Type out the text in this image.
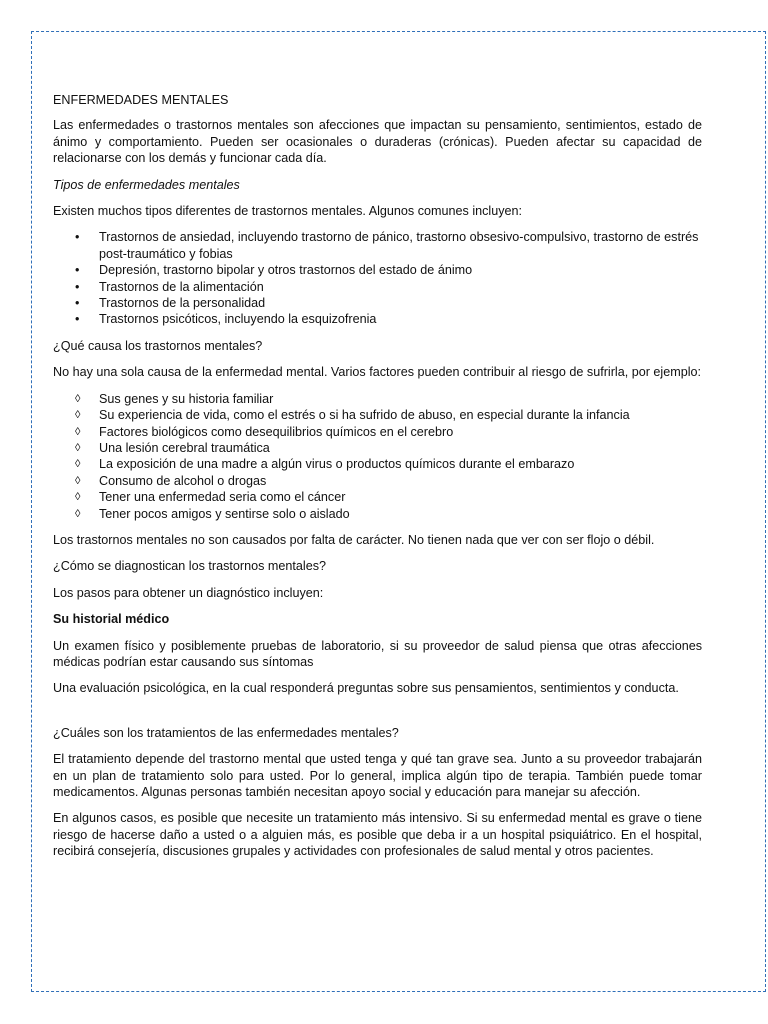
ENFERMEDADES MENTALES

Las enfermedades o trastornos mentales son afecciones que impactan su pensamiento, sentimientos, estado de ánimo y comportamiento. Pueden ser ocasionales o duraderas (crónicas). Pueden afectar su capacidad de relacionarse con los demás y funcionar cada día.

Tipos de enfermedades mentales

Existen muchos tipos diferentes de trastornos mentales. Algunos comunes incluyen:

• Trastornos de ansiedad, incluyendo trastorno de pánico, trastorno obsesivo-compulsivo, trastorno de estrés post-traumático y fobias
• Depresión, trastorno bipolar y otros trastornos del estado de ánimo
• Trastornos de la alimentación
• Trastornos de la personalidad
• Trastornos psicóticos, incluyendo la esquizofrenia

¿Qué causa los trastornos mentales?

No hay una sola causa de la enfermedad mental. Varios factores pueden contribuir al riesgo de sufrirla, por ejemplo:

◊ Sus genes y su historia familiar
◊ Su experiencia de vida, como el estrés o si ha sufrido de abuso, en especial durante la infancia
◊ Factores biológicos como desequilibrios químicos en el cerebro
◊ Una lesión cerebral traumática
◊ La exposición de una madre a algún virus o productos químicos durante el embarazo
◊ Consumo de alcohol o drogas
◊ Tener una enfermedad seria como el cáncer
◊ Tener pocos amigos y sentirse solo o aislado

Los trastornos mentales no son causados por falta de carácter. No tienen nada que ver con ser flojo o débil.

¿Cómo se diagnostican los trastornos mentales?

Los pasos para obtener un diagnóstico incluyen:

Su historial médico

Un examen físico y posiblemente pruebas de laboratorio, si su proveedor de salud piensa que otras afecciones médicas podrían estar causando sus síntomas

Una evaluación psicológica, en la cual responderá preguntas sobre sus pensamientos, sentimientos y conducta.

¿Cuáles son los tratamientos de las enfermedades mentales?

El tratamiento depende del trastorno mental que usted tenga y qué tan grave sea. Junto a su proveedor trabajarán en un plan de tratamiento solo para usted. Por lo general, implica algún tipo de terapia. También puede tomar medicamentos. Algunas personas también necesitan apoyo social y educación para manejar su afección.

En algunos casos, es posible que necesite un tratamiento más intensivo. Si su enfermedad mental es grave o tiene riesgo de hacerse daño a usted o a alguien más, es posible que deba ir a un hospital psiquiátrico. En el hospital, recibirá consejería, discusiones grupales y actividades con profesionales de salud mental y otros pacientes.
